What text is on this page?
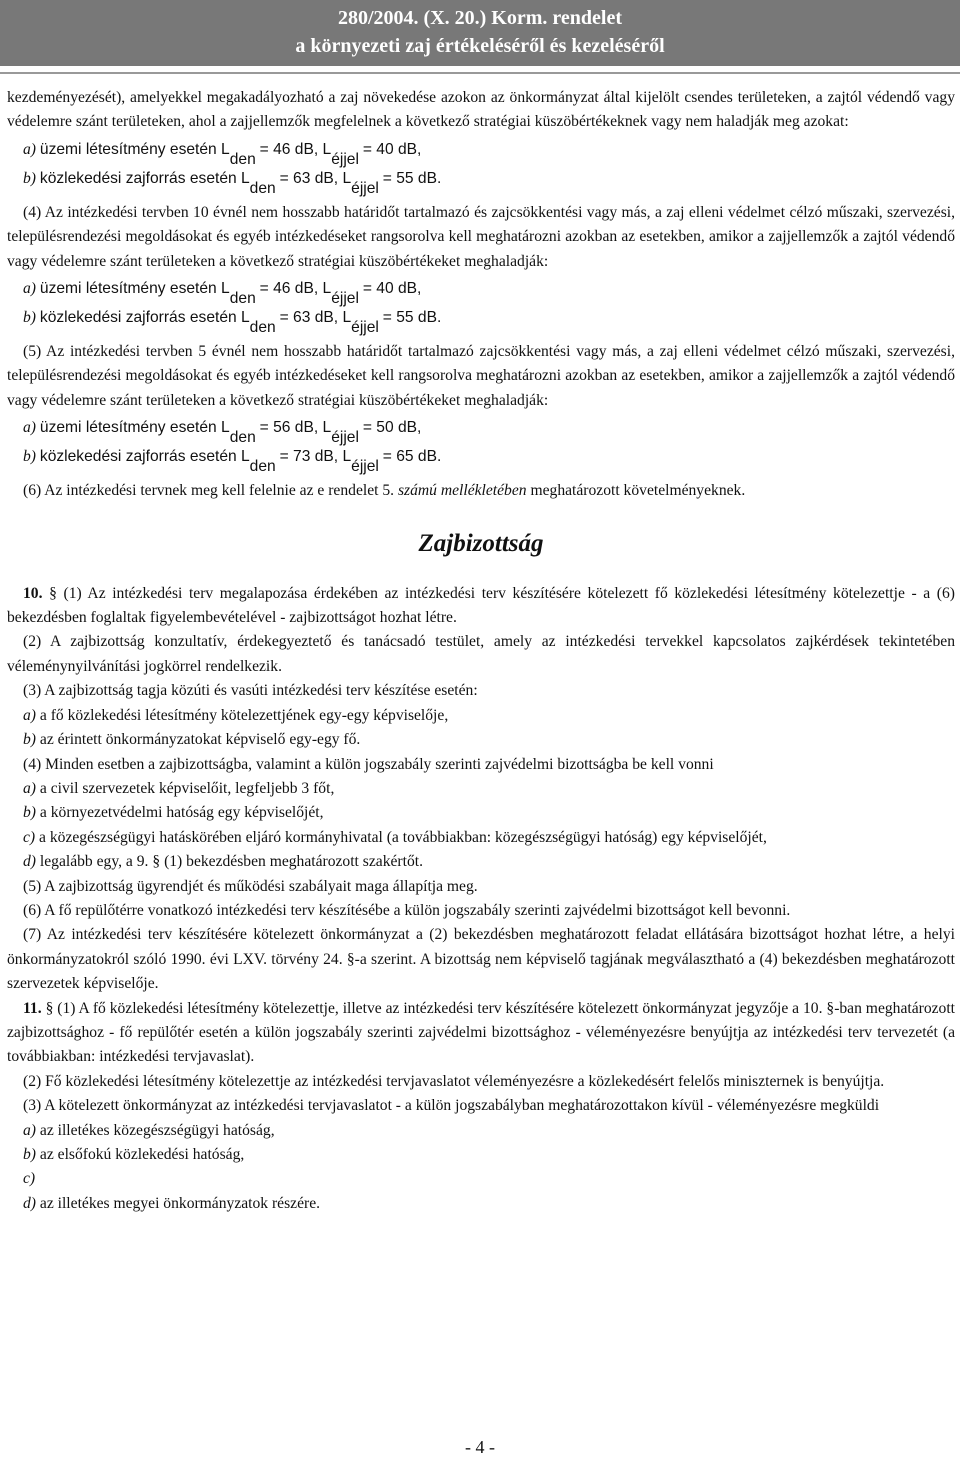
280/2004. (X. 20.) Korm. rendelet
a környezeti zaj értékeléséről és kezeléséről

kezdeményezését), amelyekkel megakadályozható a zaj növekedése azokon az önkormányzat által kijelölt csendes területeken, a zajtól védendő vagy védelemre szánt területeken, ahol a zajjellemzők megfelelnek a következő stratégiai küszöbértékeknek vagy nem haladják meg azokat:

a) üzemi létesítmény esetén Lden = 46 dB, Léjjel = 40 dB,

b) közlekedési zajforrás esetén Lden = 63 dB, Léjjel = 55 dB.

(4) Az intézkedési tervben 10 évnél nem hosszabb határidőt tartalmazó és zajcsökkentési vagy más, a zaj elleni védelmet célzó műszaki, szervezési, településrendezési megoldásokat és egyéb intézkedéseket rangsorolva kell meghatározni azokban az esetekben, amikor a zajjellemzők a zajtól védendő vagy védelemre szánt területeken a következő stratégiai küszöbértékeket meghaladják:

a) üzemi létesítmény esetén Lden = 46 dB, Léjjel = 40 dB,

b) közlekedési zajforrás esetén Lden = 63 dB, Léjjel = 55 dB.

(5) Az intézkedési tervben 5 évnél nem hosszabb határidőt tartalmazó zajcsökkentési vagy más, a zaj elleni védelmet célzó műszaki, szervezési, településrendezési megoldásokat és egyéb intézkedéseket kell rangsorolva meghatározni azokban az esetekben, amikor a zajjellemzők a zajtól védendő vagy védelemre szánt területeken a következő stratégiai küszöbértékeket meghaladják:

a) üzemi létesítmény esetén Lden = 56 dB, Léjjel = 50 dB,

b) közlekedési zajforrás esetén Lden = 73 dB, Léjjel = 65 dB.

(6) Az intézkedési tervnek meg kell felelnie az e rendelet 5. számú mellékletében meghatározott követelményeknek.

Zajbizottság

10. § (1) Az intézkedési terv megalapozása érdekében az intézkedési terv készítésére kötelezett fő közlekedési létesítmény kötelezettje - a (6) bekezdésben foglaltak figyelembevételével - zajbizottságot hozhat létre.

(2) A zajbizottság konzultatív, érdekegyeztető és tanácsadó testület, amely az intézkedési tervekkel kapcsolatos zajkérdések tekintetében véleménynyilvánítási jogkörrel rendelkezik.

(3) A zajbizottság tagja közúti és vasúti intézkedési terv készítése esetén:

a) a fő közlekedési létesítmény kötelezettjének egy-egy képviselője,

b) az érintett önkormányzatokat képviselő egy-egy fő.

(4) Minden esetben a zajbizottságba, valamint a külön jogszabály szerinti zajvédelmi bizottságba be kell vonni

a) a civil szervezetek képviselőit, legfeljebb 3 főt,

b) a környezetvédelmi hatóság egy képviselőjét,

c) a közegészségügyi hatáskörében eljáró kormányhivatal (a továbbiakban: közegészségügyi hatóság) egy képviselőjét,

d) legalább egy, a 9. § (1) bekezdésben meghatározott szakértőt.

(5) A zajbizottság ügyrendjét és működési szabályait maga állapítja meg.

(6) A fő repülőtérre vonatkozó intézkedési terv készítésébe a külön jogszabály szerinti zajvédelmi bizottságot kell bevonni.

(7) Az intézkedési terv készítésére kötelezett önkormányzat a (2) bekezdésben meghatározott feladat ellátására bizottságot hozhat létre, a helyi önkormányzatokról szóló 1990. évi LXV. törvény 24. §-a szerint. A bizottság nem képviselő tagjának megválasztható a (4) bekezdésben meghatározott szervezetek képviselője.

11. § (1) A fő közlekedési létesítmény kötelezettje, illetve az intézkedési terv készítésére kötelezett önkormányzat jegyzője a 10. §-ban meghatározott zajbizottsághoz - fő repülőtér esetén a külön jogszabály szerinti zajvédelmi bizottsághoz - véleményezésre benyújtja az intézkedési terv tervezetét (a továbbiakban: intézkedési tervjavaslat).

(2) Fő közlekedési létesítmény kötelezettje az intézkedési tervjavaslatot véleményezésre a közlekedésért felelős miniszternek is benyújtja.

(3) A kötelezett önkormányzat az intézkedési tervjavaslatot - a külön jogszabályban meghatározottakon kívül - véleményezésre megküldi

a) az illetékes közegészségügyi hatóság,

b) az elsőfokú közlekedési hatóság,

c)

d) az illetékes megyei önkormányzatok részére.

- 4 -
